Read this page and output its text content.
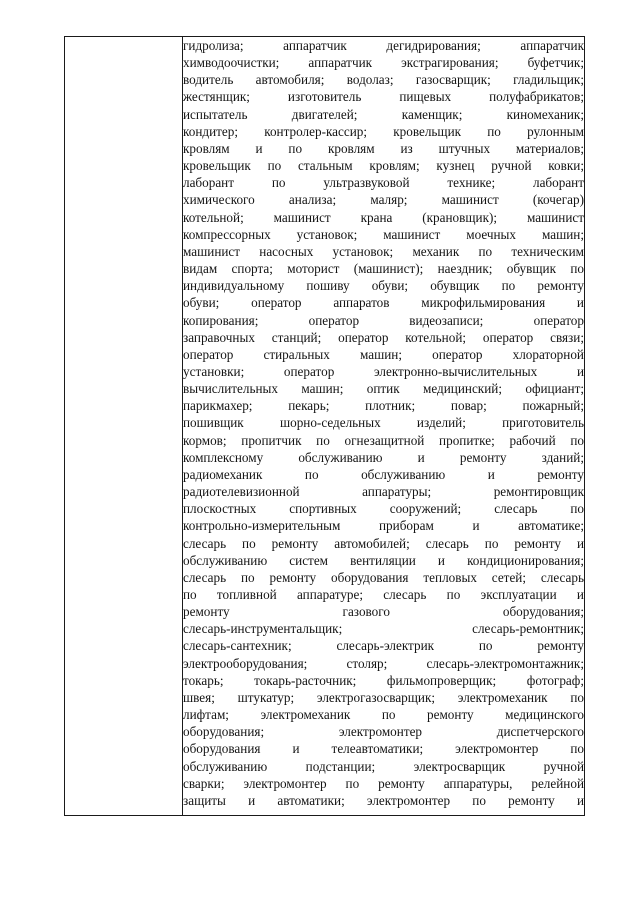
гидролиза; аппаратчик дегидрирования; аппаратчик
химводоочистки; аппаратчик экстрагирования; буфетчик;
водитель автомобиля; водолаз; газосварщик; гладильщик;
жестянщик; изготовитель пищевых полуфабрикатов;
испытатель двигателей; каменщик; киномеханик;
кондитер; контролер-кассир; кровельщик по рулонным
кровлям и по кровлям из штучных материалов;
кровельщик по стальным кровлям; кузнец ручной ковки;
лаборант по ультразвуковой технике; лаборант
химического анализа; маляр; машинист (кочегар)
котельной; машинист крана (крановщик); машинист
компрессорных установок; машинист моечных машин;
машинист насосных установок; механик по техническим
видам спорта; моторист (машинист); наездник; обувщик по
индивидуальному пошиву обуви; обувщик по ремонту
обуви; оператор аппаратов микрофильмирования и
копирования; оператор видеозаписи; оператор
заправочных станций; оператор котельной; оператор связи;
оператор стиральных машин; оператор хлораторной
установки; оператор электронно-вычислительных и
вычислительных машин; оптик медицинский; официант;
парикмахер; пекарь; плотник; повар; пожарный;
пошивщик шорно-седельных изделий; приготовитель
кормов; пропитчик по огнезащитной пропитке; рабочий по
комплексному обслуживанию и ремонту зданий;
радиомеханик по обслуживанию и ремонту
радиотелевизионной аппаратуры; ремонтировщик
плоскостных спортивных сооружений; слесарь по
контрольно-измерительным приборам и автоматике;
слесарь по ремонту автомобилей; слесарь по ремонту и
обслуживанию систем вентиляции и кондиционирования;
слесарь по ремонту оборудования тепловых сетей; слесарь
по топливной аппаратуре; слесарь по эксплуатации и
ремонту газового оборудования;
слесарь-инструментальщик; слесарь-ремонтник;
слесарь-сантехник; слесарь-электрик по ремонту
электрооборудования; столяр; слесарь-электромонтажник;
токарь; токарь-расточник; фильмопроверщик; фотограф;
швея; штукатур; электрогазосварщик; электромеханик по
лифтам; электромеханик по ремонту медицинского
оборудования; электромонтер диспетчерского
оборудования и телеавтоматики; электромонтер по
обслуживанию подстанции; электросварщик ручной
сварки; электромонтер по ремонту аппаратуры, релейной
защиты и автоматики; электромонтер по ремонту и
